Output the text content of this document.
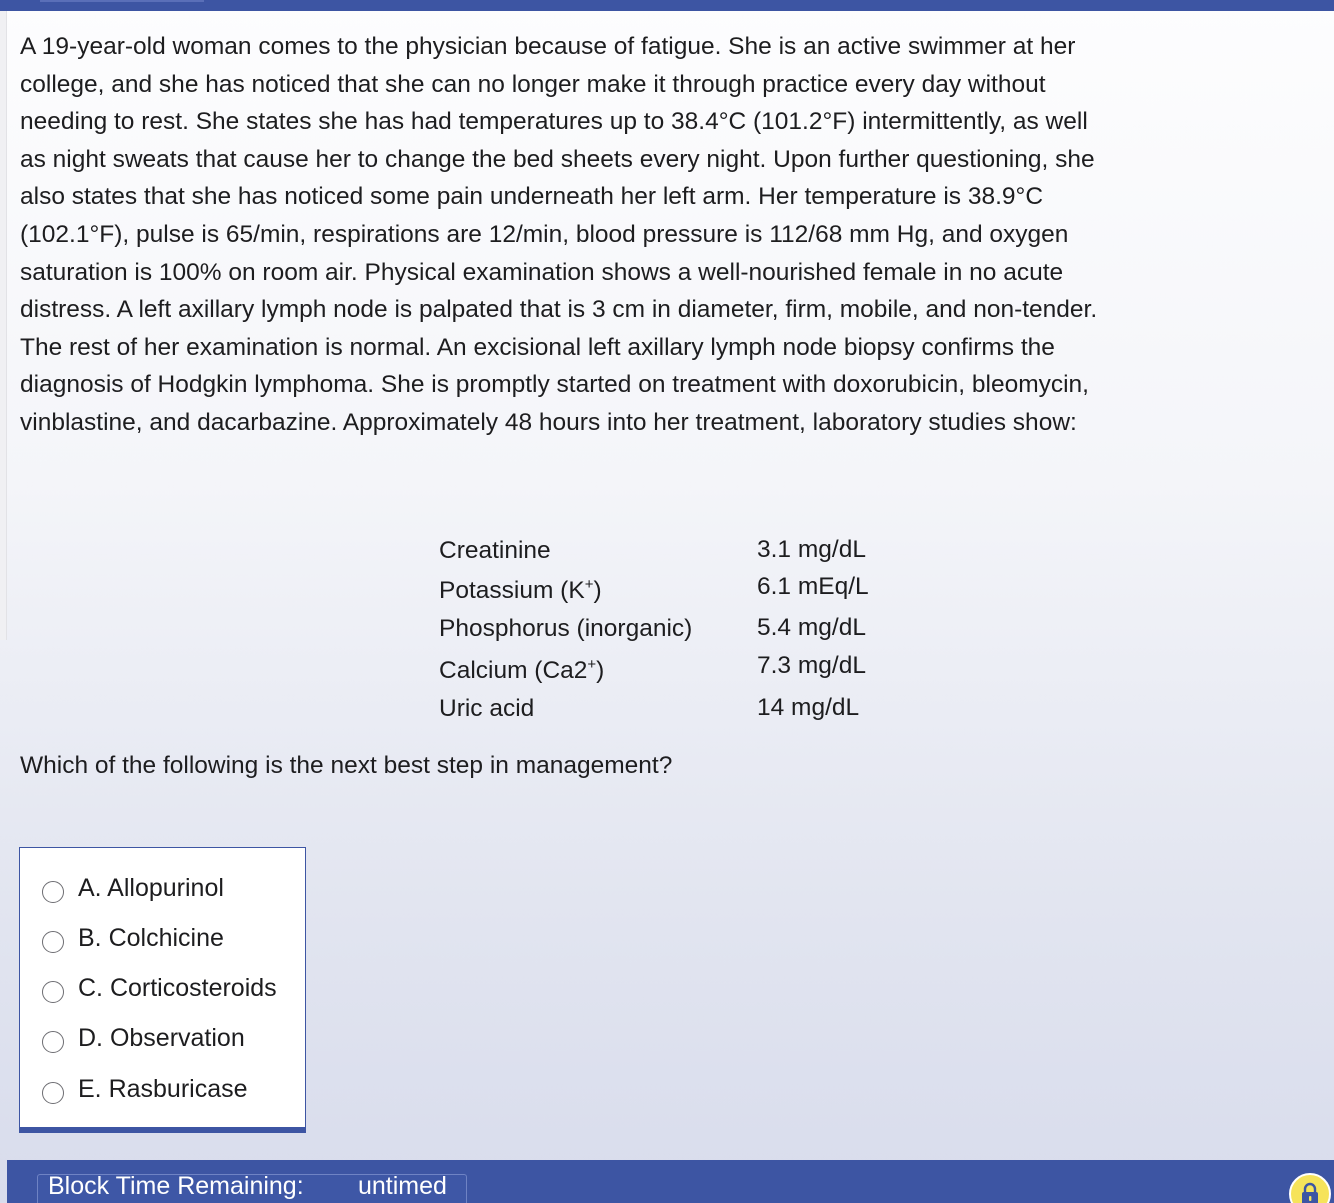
A 19-year-old woman comes to the physician because of fatigue. She is an active swimmer at her college, and she has noticed that she can no longer make it through practice every day without needing to rest. She states she has had temperatures up to 38.4°C (101.2°F) intermittently, as well as night sweats that cause her to change the bed sheets every night. Upon further questioning, she also states that she has noticed some pain underneath her left arm. Her temperature is 38.9°C (102.1°F), pulse is 65/min, respirations are 12/min, blood pressure is 112/68 mm Hg, and oxygen saturation is 100% on room air. Physical examination shows a well-nourished female in no acute distress. A left axillary lymph node is palpated that is 3 cm in diameter, firm, mobile, and non-tender. The rest of her examination is normal. An excisional left axillary lymph node biopsy confirms the diagnosis of Hodgkin lymphoma. She is promptly started on treatment with doxorubicin, bleomycin, vinblastine, and dacarbazine. Approximately 48 hours into her treatment, laboratory studies show:

Creatinine	3.1 mg/dL
Potassium (K+)	6.1 mEq/L
Phosphorus (inorganic)	5.4 mg/dL
Calcium (Ca2+)	7.3 mg/dL
Uric acid	14 mg/dL

Which of the following is the next best step in management?

A. Allopurinol
B. Colchicine
C. Corticosteroids
D. Observation
E. Rasburicase
Block Time Remaining: untimed
